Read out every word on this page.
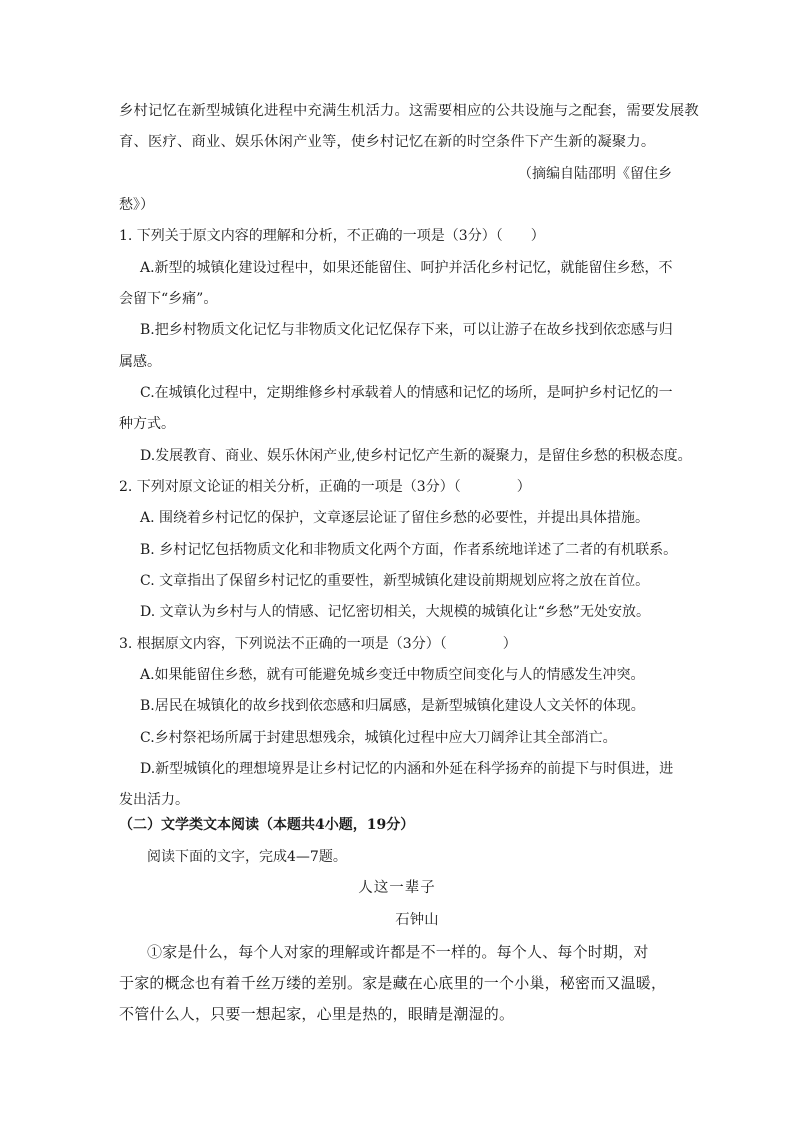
乡村记忆在新型城镇化进程中充满生机活力。这需要相应的公共设施与之配套，需要发展教
育、医疗、商业、娱乐休闲产业等，使乡村记忆在新的时空条件下产生新的凝聚力。
（摘编自陆邵明《留住乡
愁》）
1. 下列关于原文内容的理解和分析，不正确的一项是（3分）（　　）
A.新型的城镇化建设过程中，如果还能留住、呵护并活化乡村记忆，就能留住乡愁，不
会留下“乡痛”。
B.把乡村物质文化记忆与非物质文化记忆保存下来，可以让游子在故乡找到依恋感与归
属感。
C.在城镇化过程中，定期维修乡村承载着人的情感和记忆的场所，是呵护乡村记忆的一
种方式。
D.发展教育、商业、娱乐休闲产业,使乡村记忆产生新的凝聚力，是留住乡愁的积极态度。
2. 下列对原文论证的相关分析，正确的一项是（3分）（　　　　）
A. 围绕着乡村记忆的保护，文章逐层论证了留住乡愁的必要性，并提出具体措施。
B. 乡村记忆包括物质文化和非物质文化两个方面，作者系统地详述了二者的有机联系。
C. 文章指出了保留乡村记忆的重要性，新型城镇化建设前期规划应将之放在首位。
D. 文章认为乡村与人的情感、记忆密切相关，大规模的城镇化让“乡愁”无处安放。
3. 根据原文内容，下列说法不正确的一项是（3分）（　　　　）
A.如果能留住乡愁，就有可能避免城乡变迁中物质空间变化与人的情感发生冲突。
B.居民在城镇化的故乡找到依恋感和归属感，是新型城镇化建设人文关怀的体现。
C.乡村祭祀场所属于封建思想残余，城镇化过程中应大刀阔斧让其全部消亡。
D.新型城镇化的理想境界是让乡村记忆的内涵和外延在科学扬弃的前提下与时俱进，进
发出活力。
（二）文学类文本阅读（本题共4小题，19分）
阅读下面的文字，完成4—7题。
人这一辈子
石钟山
①家是什么，每个人对家的理解或许都是不一样的。每个人、每个时期，对
于家的概念也有着千丝万缕的差别。家是藏在心底里的一个小巢，秘密而又温暖，
不管什么人，只要一想起家，心里是热的，眼睛是潮湿的。
